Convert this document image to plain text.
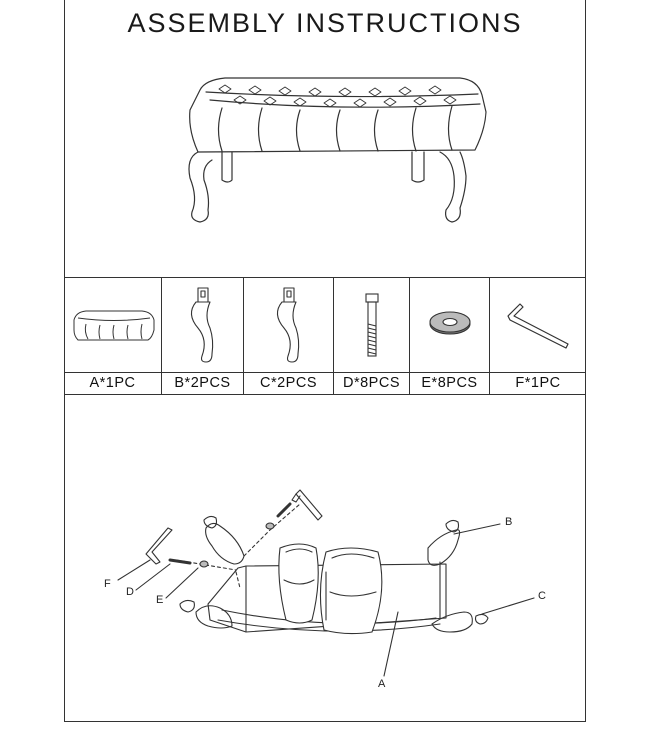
ASSEMBLY INSTRUCTIONS
A*1PC	B*2PCS	C*2PCS	D*8PCS	E*8PCS	F*1PC
F
D
E
B
C
A
